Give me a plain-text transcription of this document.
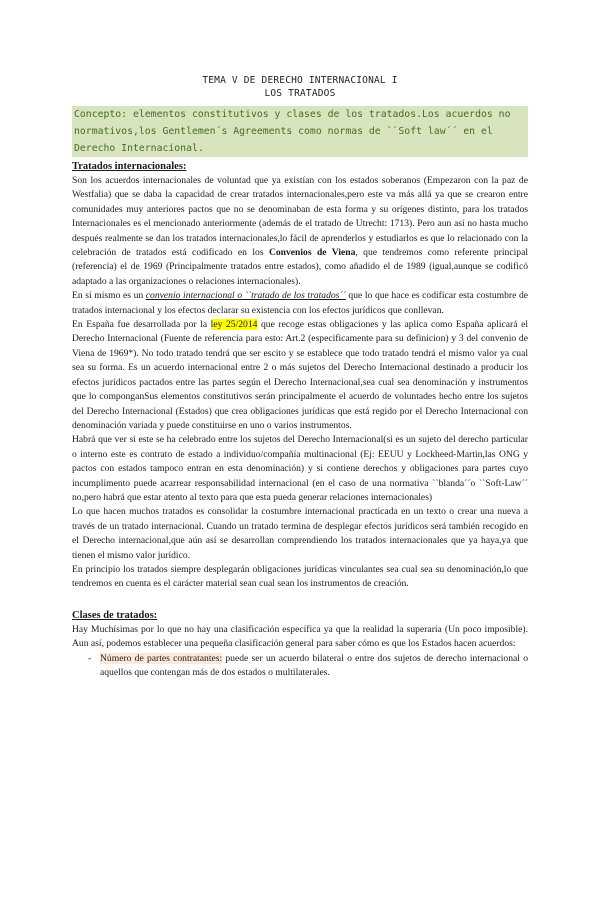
TEMA V DE DERECHO INTERNACIONAL I
LOS TRATADOS
Concepto: elementos constitutivos y clases de los tratados.Los acuerdos no normativos,los Gentlemen´s Agreements como normas de ``Soft law´´ en el Derecho Internacional.
Tratados internacionales:

Son los acuerdos internacionales de voluntad que ya existían con los estados soberanos (Empezaron con la paz de Westfalia) que se daba la capacidad de crear tratados internacionales,pero este va más allá ya que se crearon entre comunidades muy anteriores pactos que no se denominaban de esta forma y su orígenes distinto, para los tratados Internacionales es el mencionado anteriormente (además de el tratado de Utrecht: 1713). Pero aun así no hasta mucho después realmente se dan los tratados internacionales,lo fácil de aprenderlos y estudiarlos es que lo relacionado con la celebración de tratados está codificado en los Convenios de Viena, que tendremos como referente principal (referencia) el de 1969 (Principalmente tratados entre estados), como añadido el de 1989 (igual,aunque se codificó adaptado a las organizaciones o relaciones internacionales).

En sí mismo es un convenio internacional o ``tratado de los tratados´´ que lo que hace es codificar esta costumbre de tratados internacional y los efectos declarar su existencia con los efectos jurídicos que conllevan.

En España fue desarrollada por la ley 25/2014 que recoge estas obligaciones y las aplica como España aplicará el Derecho Internacional (Fuente de referencia para esto: Art.2 (especificamente para su definicion) y 3 del convenio de Viena de 1969*). No todo tratado tendrá que ser escito y se establece que todo tratado tendrá el mismo valor ya cual sea su forma. Es un acuerdo internacional entre 2 o más sujetos del Derecho Internacional destinado a producir los efectos jurídicos pactados entre las partes según el Derecho Internacional,sea cual sea denominación y instrumentos que lo componganSus elementos constitutivos serán principalmente el acuerdo de voluntades hecho entre los sujetos del Derecho Internacional (Estados) que crea obligaciones jurídicas que está regido por el Derecho Internacional con denominación variada y puede constituirse en uno o varios instrumentos.

Habrá que ver si este se ha celebrado entre los sujetos del Derecho Internacional(si es un sujeto del derecho particular o interno este es contrato de estado a individuo/compañía multinacional (Ej: EEUU y Lockheed-Martin,las ONG y pactos con estados tampoco entran en esta denominación) y si contiene derechos y obligaciones para partes cuyo incumplimento puede acarrear responsabilidad internacional (en el caso de una normativa ``blanda´´o ``Soft-Law´´ no,pero habrá que estar atento al texto para que esta pueda generar relaciones internacionales)

Lo que hacen muchos tratados es consolidar la costumbre internacional practicada en un texto o crear una nueva a través de un tratado internacional. Cuando un tratado termina de desplegar efectos jurídicos será también recogido en el Derecho internacional,que aún así se desarrollan comprendiendo los tratados internacionales que ya haya,ya que tienen el mismo valor jurídico.

En principio los tratados siempre desplegarán obligaciones jurídicas vinculantes sea cual sea su denominación,lo que tendremos en cuenta es el carácter material sean cual sean los instrumentos de creación.

Clases de tratados:

Hay Muchísimas por lo que no hay una clasificación específica ya que la realidad la superaría (Un poco imposible). Aun así, podemos establecer una pequeña clasificación general para saber cómo es que los Estados hacen acuerdos:

- Número de partes contratantes: puede ser un acuerdo bilateral o entre dos sujetos de derecho internacional o aquellos que contengan más de dos estados o multilaterales.
